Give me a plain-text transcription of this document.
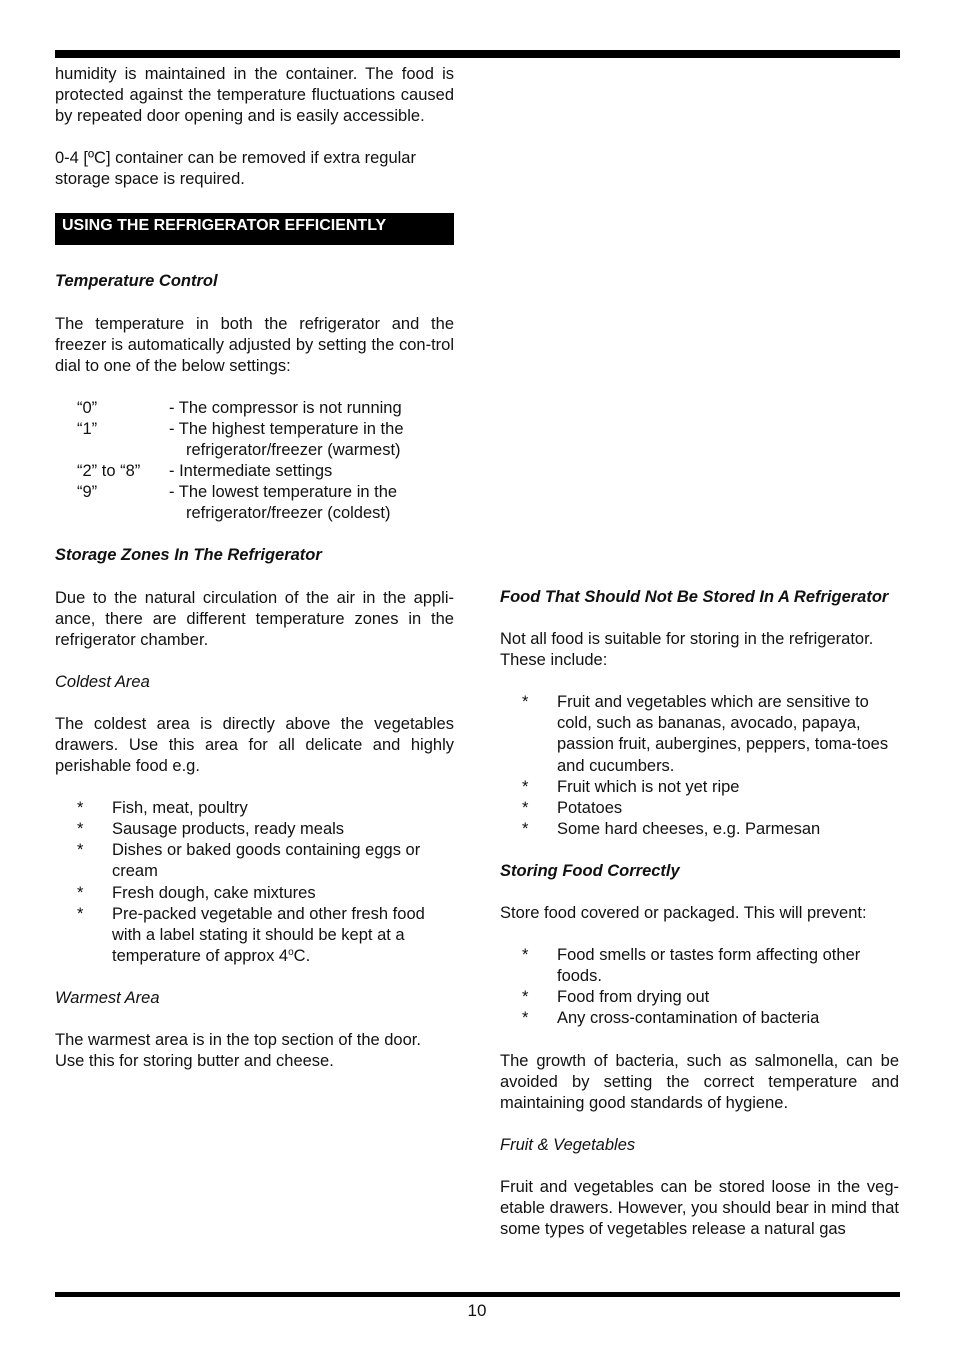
humidity is maintained in the container. The food is protected against the temperature fluctuations caused by repeated door opening and is easily accessible.

0-4 [ºC] container can be removed if extra regular storage space is required.

USING THE REFRIGERATOR EFFICIENTLY
Temperature Control

The temperature in both the refrigerator and the freezer is automatically adjusted by setting the con-trol dial to one of the below settings:

“0”	- The compressor is not running
“1”	- The highest temperature in the
refrigerator/freezer (warmest)
“2” to “8”	- Intermediate settings
“9”	- The lowest temperature in the
refrigerator/freezer (coldest)
Storage Zones In The Refrigerator

Due to the natural circulation of the air in the appli-ance, there are different temperature zones in the refrigerator chamber.

Coldest Area

The coldest area is directly above the vegetables drawers. Use this area for all delicate and highly perishable food e.g.

*	Fish, meat, poultry
*	Sausage products, ready meals
*	Dishes or baked goods containing eggs or cream
*	Fresh dough, cake mixtures
*	Pre-packed vegetable and other fresh food with a label stating it should be kept at a temperature of approx 4$^o$C.
Warmest Area

The warmest area is in the top section of the door. Use this for storing butter and cheese.

Food That Should Not Be Stored In A Refrigerator

Not all food is suitable for storing in the refrigerator. These include:

*	Fruit and vegetables which are sensitive to cold, such as bananas, avocado, papaya, passion fruit, aubergines, peppers, toma-toes and cucumbers.
*	Fruit which is not yet ripe
*	Potatoes
*	Some hard cheeses, e.g. Parmesan
Storing Food Correctly

Store food covered or packaged. This will prevent:

*	Food smells or tastes form affecting other foods.
*	Food from drying out
*	Any cross-contamination of bacteria

The growth of bacteria, such as salmonella, can be avoided by setting the correct temperature and maintaining good standards of hygiene.

Fruit & Vegetables

Fruit and vegetables can be stored loose in the veg-etable drawers. However, you should bear in mind that some types of vegetables release a natural gas

10
